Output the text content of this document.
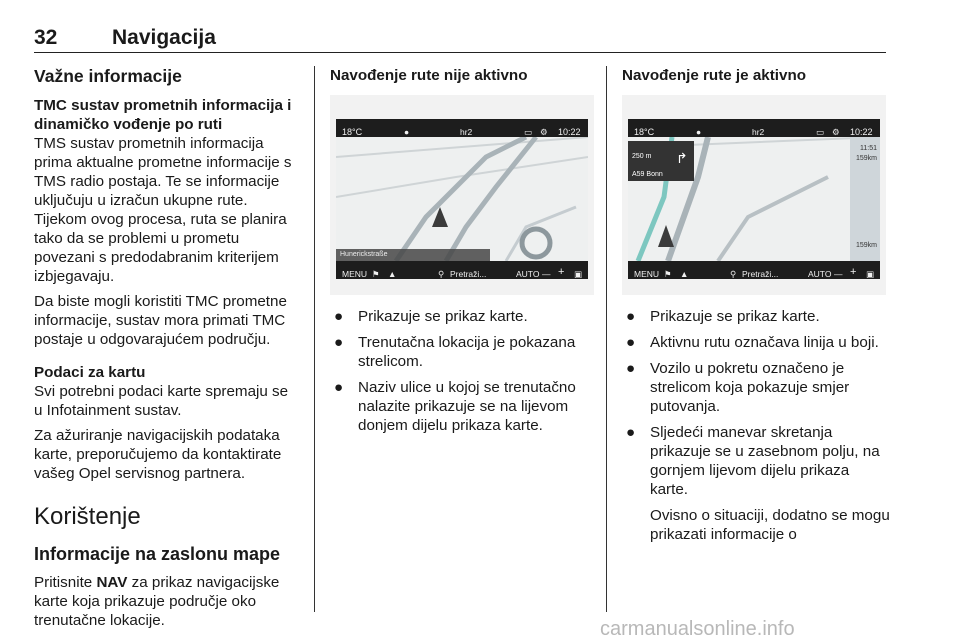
32	Navigacija
Važne informacije
TMC sustav prometnih informacija i dinamičko vođenje po ruti

TMS sustav prometnih informacija prima aktualne prometne informacije s TMS radio postaja. Te se informacije uključuju u izračun ukupne rute. Tijekom ovog procesa, ruta se planira tako da se problemi u prometu povezani s predodabranim kriterijem izbjegavaju.

Da biste mogli koristiti TMC prometne informacije, sustav mora primati TMC postaje u odgovarajućem području.

Podaci za kartu

Svi potrebni podaci karte spremaju se u Infotainment sustav.

Za ažuriranje navigacijskih podataka karte, preporučujemo da kontaktirate vašeg Opel servisnog partnera.

Korištenje
Informacije na zaslonu mape

Pritisnite NAV za prikaz navigacijske karte koja prikazuje područje oko trenutačne lokacije.

Navođenje rute nije aktivno
18°C	●	hr2	▭ ⚙ 10:22
Hunerickstraße
MENU ⚑ ▲	⚲ Pretraži...	AUTO — + ▣
● Prikazuje se prikaz karte.
● Trenutačna lokacija je pokazana strelicom.
● Naziv ulice u kojoj se trenutačno nalazite prikazuje se na lijevom donjem dijelu prikaza karte.
Navođenje rute je aktivno
18°C	●	hr2	▭ ⚙ 10:22
250 m
A59 Bonn
↱
11:51
159km
159km
MENU ⚑ ▲	⚲ Pretraži...	AUTO — + ▣
● Prikazuje se prikaz karte.
● Aktivnu rutu označava linija u boji.
● Vozilo u pokretu označeno je strelicom koja pokazuje smjer putovanja.
● Sljedeći manevar skretanja prikazuje se u zasebnom polju, na gornjem lijevom dijelu prikaza karte.
Ovisno o situaciji, dodatno se mogu prikazati informacije o
carmanualsonline.info
